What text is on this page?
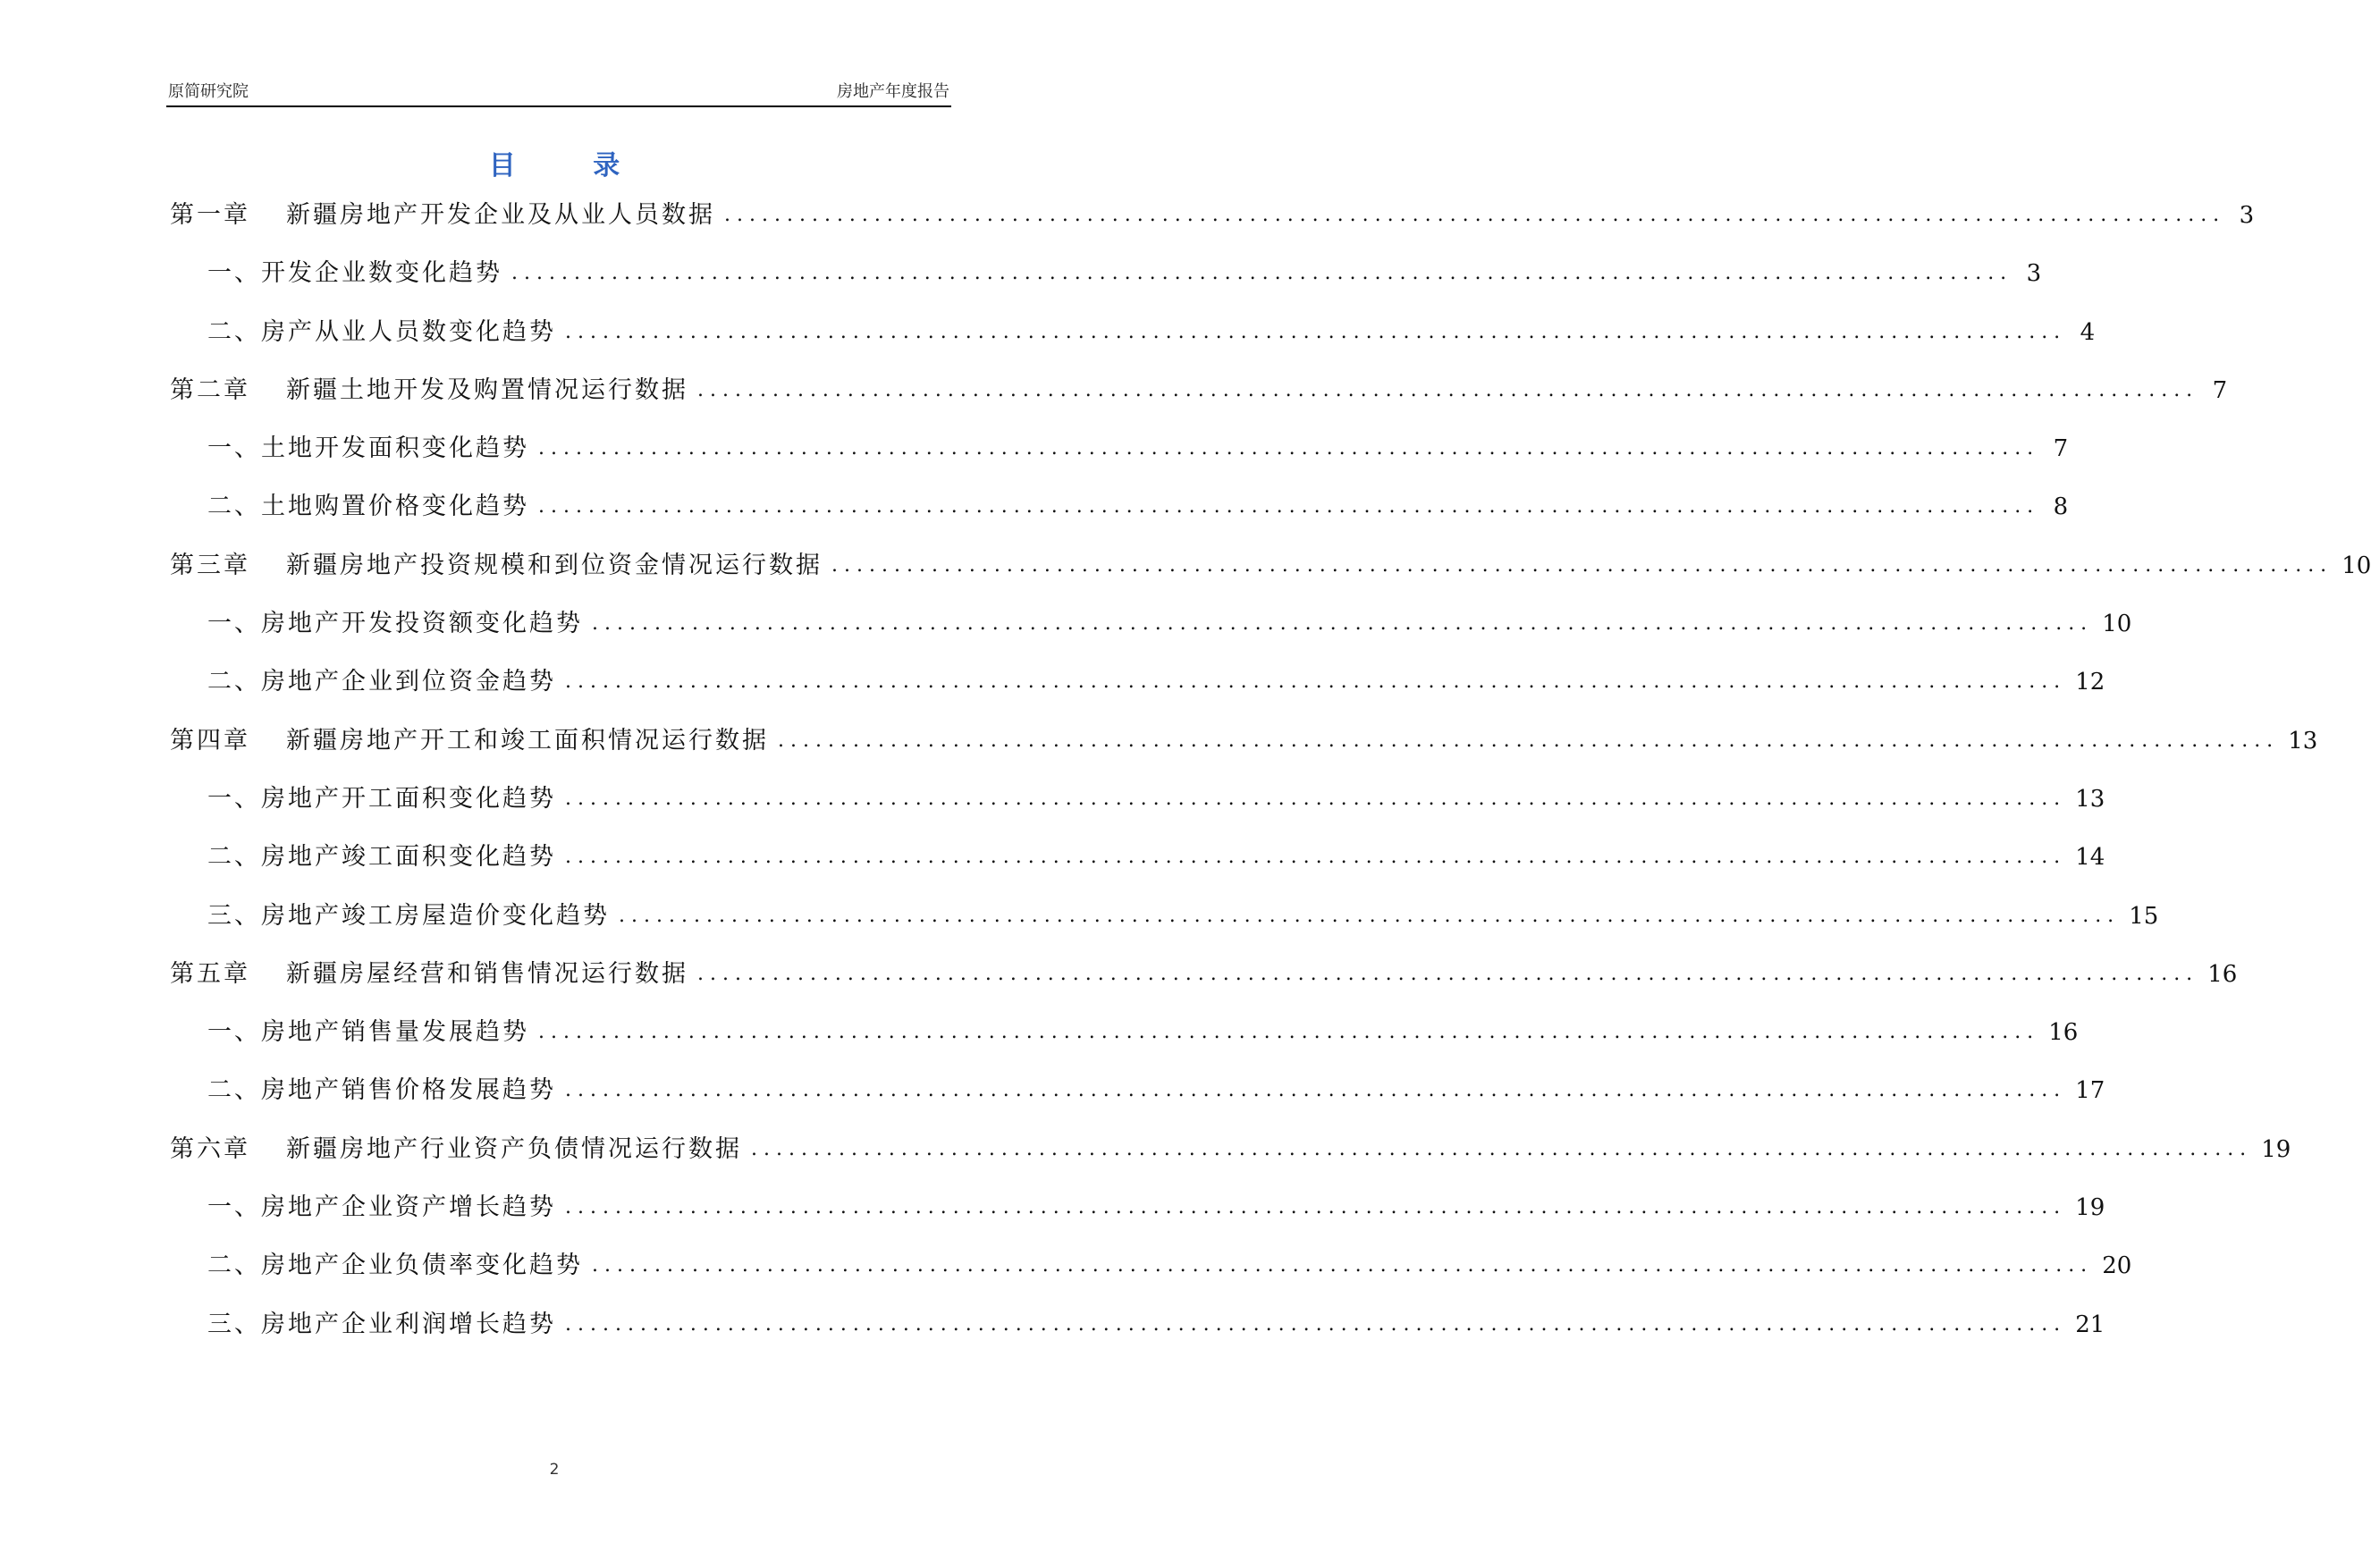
原简研究院	房地产年度报告
目 录
第一章 新疆房地产开发企业及从业人员数据 ........................................................................................................................ 3
一、开发企业数变化趋势 ........................................................................................................................ 3
二、房产从业人员数变化趋势 ........................................................................................................................ 4
第二章 新疆土地开发及购置情况运行数据 ........................................................................................................................ 7
一、土地开发面积变化趋势 ........................................................................................................................ 7
二、土地购置价格变化趋势 ........................................................................................................................ 8
第三章 新疆房地产投资规模和到位资金情况运行数据 ........................................................................................................................ 10
一、房地产开发投资额变化趋势 ........................................................................................................................ 10
二、房地产企业到位资金趋势 ........................................................................................................................ 12
第四章 新疆房地产开工和竣工面积情况运行数据 ........................................................................................................................ 13
一、房地产开工面积变化趋势 ........................................................................................................................ 13
二、房地产竣工面积变化趋势 ........................................................................................................................ 14
三、房地产竣工房屋造价变化趋势 ........................................................................................................................ 15
第五章 新疆房屋经营和销售情况运行数据 ........................................................................................................................ 16
一、房地产销售量发展趋势 ........................................................................................................................ 16
二、房地产销售价格发展趋势 ........................................................................................................................ 17
第六章 新疆房地产行业资产负债情况运行数据 ........................................................................................................................ 19
一、房地产企业资产增长趋势 ........................................................................................................................ 19
二、房地产企业负债率变化趋势 ........................................................................................................................ 20
三、房地产企业利润增长趋势 ........................................................................................................................ 21
2
